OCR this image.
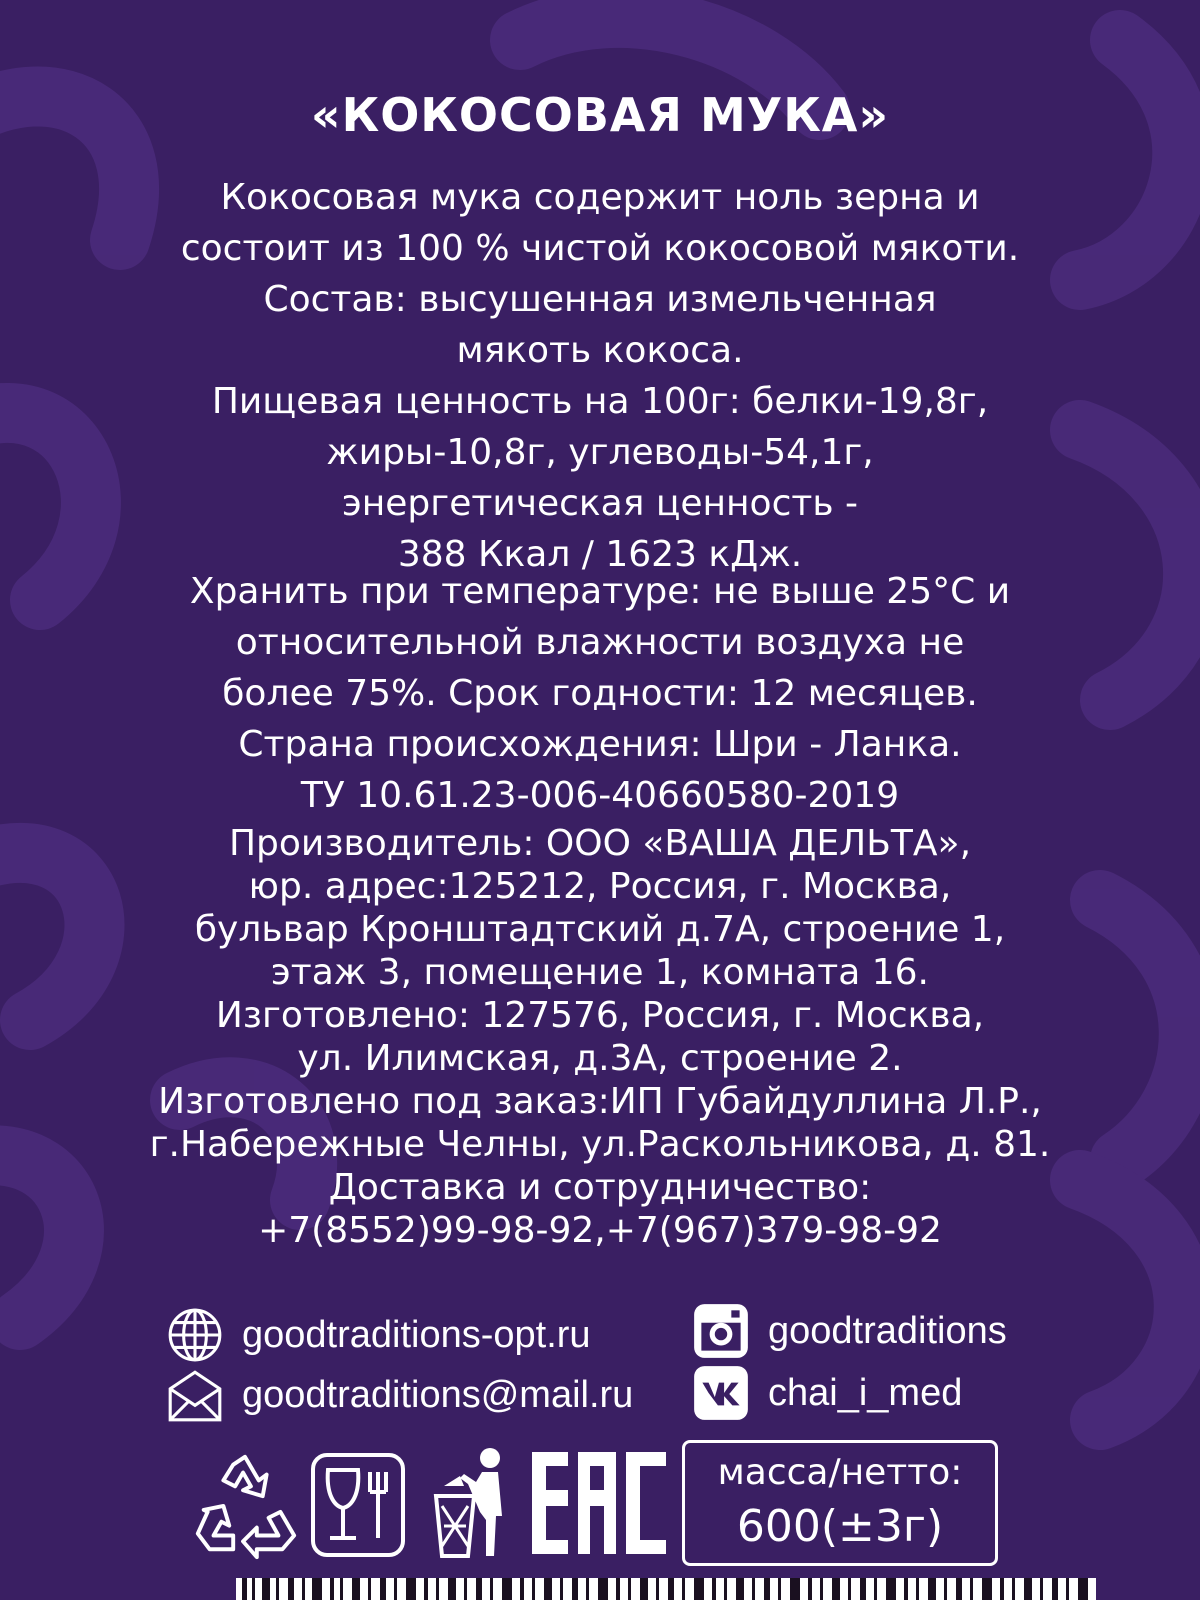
«КОКОСОВАЯ МУКА»
Кокосовая мука содержит ноль зерна и
состоит из 100 % чистой кокосовой мякоти.
Состав: высушенная измельченная
мякоть кокоса.
Пищевая ценность на 100г: белки-19,8г,
жиры-10,8г, углеводы-54,1г,
энергетическая ценность -
388 Ккал / 1623 кДж.
Хранить при температуре: не выше 25°С и
относительной влажности воздуха не
более 75%. Срок годности: 12 месяцев.
Страна происхождения: Шри - Ланка.
ТУ 10.61.23-006-40660580-2019
Производитель: ООО «ВАША ДЕЛЬТА»,
юр. адрес:125212, Россия, г. Москва,
бульвар Кронштадтский д.7А, строение 1,
этаж 3, помещение 1, комната 16.
Изготовлено: 127576, Россия, г. Москва,
ул. Илимская, д.3А, строение 2.
Изготовлено под заказ:ИП Губайдуллина Л.Р.,
г.Набережные Челны, ул.Раскольникова, д. 81.
Доставка и сотрудничество:
+7(8552)99-98-92,+7(967)379-98-92
goodtraditions-opt.ru
goodtraditions@mail.ru
goodtraditions
chai_i_med
масса/нетто:
600(±3г)
